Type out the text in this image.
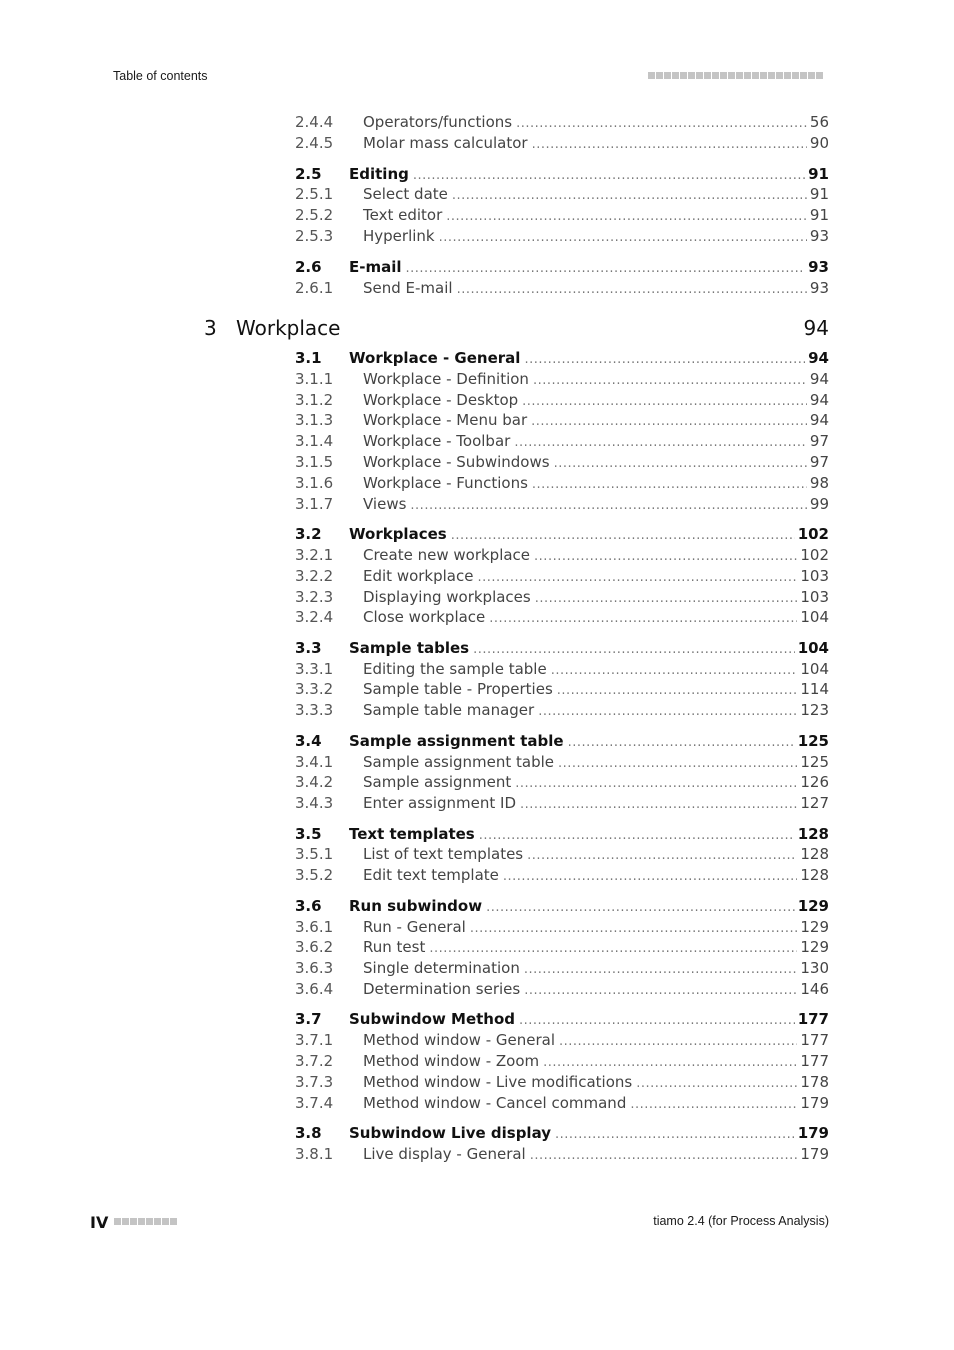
Table of contents
2.4.4 Operators/functions .....	56
2.4.5 Molar mass calculator .....	90
2.5 Editing .....	91
2.5.1 Select date .....	91
2.5.2 Text editor .....	91
2.5.3 Hyperlink .....	93
2.6 E-mail .....	93
2.6.1 Send E-mail .....	93
3.1 Workplace - General .....	94
3.1.1 Workplace - Definition .....	94
3.1.2 Workplace - Desktop .....	94
3.1.3 Workplace - Menu bar .....	94
3.1.4 Workplace - Toolbar .....	97
3.1.5 Workplace - Subwindows .....	97
3.1.6 Workplace - Functions .....	98
3.1.7 Views .....	99
3.2 Workplaces .....	102
3.2.1 Create new workplace .....	102
3.2.2 Edit workplace .....	103
3.2.3 Displaying workplaces .....	103
3.2.4 Close workplace .....	104
3.3 Sample tables .....	104
3.3.1 Editing the sample table .....	104
3.3.2 Sample table - Properties .....	114
3.3.3 Sample table manager .....	123
3.4 Sample assignment table .....	125
3.4.1 Sample assignment table .....	125
3.4.2 Sample assignment .....	126
3.4.3 Enter assignment ID .....	127
3.5 Text templates .....	128
3.5.1 List of text templates .....	128
3.5.2 Edit text template .....	128
3.6 Run subwindow .....	129
3.6.1 Run - General .....	129
3.6.2 Run test .....	129
3.6.3 Single determination .....	130
3.6.4 Determination series .....	146
3.7 Subwindow Method .....	177
3.7.1 Method window - General .....	177
3.7.2 Method window - Zoom .....	177
3.7.3 Method window - Live modifications .....	178
3.7.4 Method window - Cancel command .....	179
3.8 Subwindow Live display .....	179
3.8.1 Live display - General .....	179
3 Workplace	94
IV	tiamo 2.4 (for Process Analysis)
